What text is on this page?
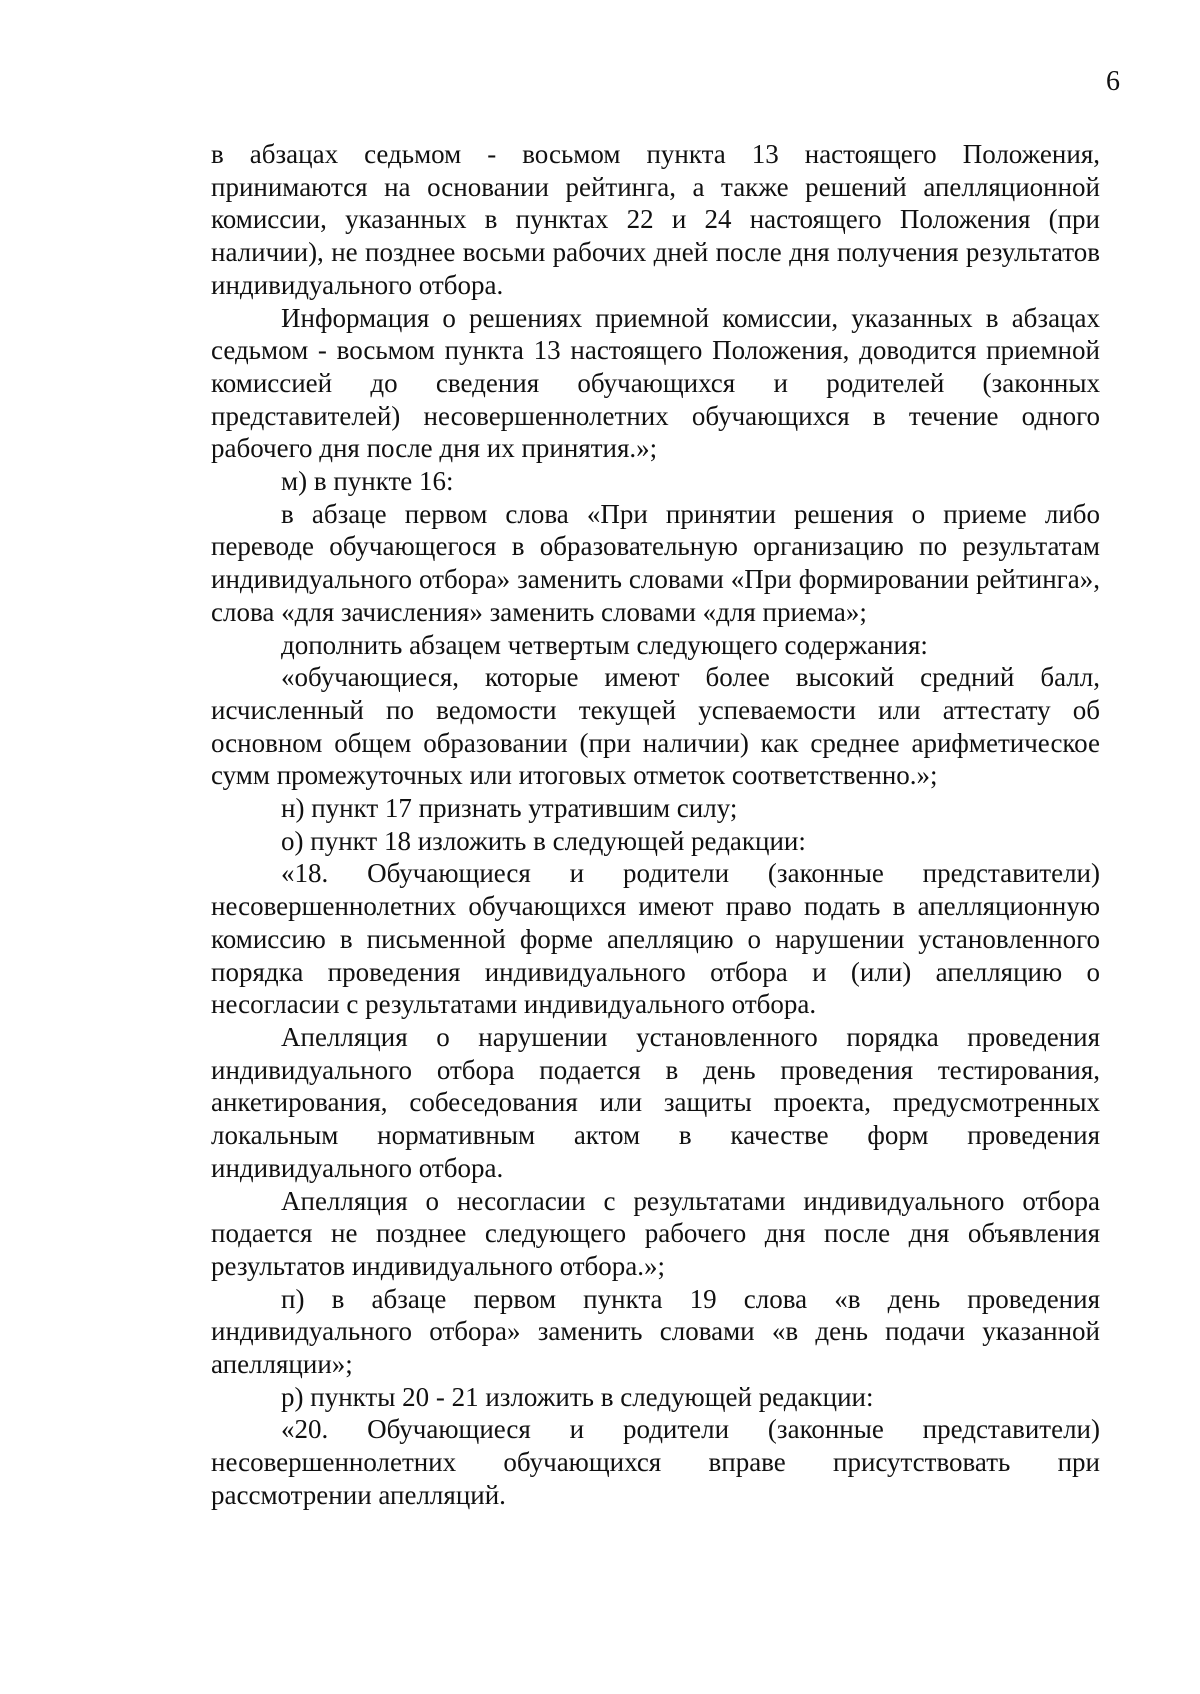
6

в абзацах седьмом - восьмом пункта 13 настоящего Положения, принимаются на основании рейтинга, а также решений апелляционной комиссии, указанных в пунктах 22 и 24 настоящего Положения (при наличии), не позднее восьми рабочих дней после дня получения результатов индивидуального отбора.

Информация о решениях приемной комиссии, указанных в абзацах седьмом - восьмом пункта 13 настоящего Положения, доводится приемной комиссией до сведения обучающихся и родителей (законных представителей) несовершеннолетних обучающихся в течение одного рабочего дня после дня их принятия.»;

м) в пункте 16:

в абзаце первом слова «При принятии решения о приеме либо переводе обучающегося в образовательную организацию по результатам индивидуального отбора» заменить словами «При формировании рейтинга», слова «для зачисления» заменить словами «для приема»;

дополнить абзацем четвертым следующего содержания:

«обучающиеся, которые имеют более высокий средний балл, исчисленный по ведомости текущей успеваемости или аттестату об основном общем образовании (при наличии) как среднее арифметическое сумм промежуточных или итоговых отметок соответственно.»;

н) пункт 17 признать утратившим силу;

о) пункт 18 изложить в следующей редакции:

«18. Обучающиеся и родители (законные представители) несовершеннолетних обучающихся имеют право подать в апелляционную комиссию в письменной форме апелляцию о нарушении установленного порядка проведения индивидуального отбора и (или) апелляцию о несогласии с результатами индивидуального отбора.

Апелляция о нарушении установленного порядка проведения индивидуального отбора подается в день проведения тестирования, анкетирования, собеседования или защиты проекта, предусмотренных локальным нормативным актом в качестве форм проведения индивидуального отбора.

Апелляция о несогласии с результатами индивидуального отбора подается не позднее следующего рабочего дня после дня объявления результатов индивидуального отбора.»;

п) в абзаце первом пункта 19 слова «в день проведения индивидуального отбора» заменить словами «в день подачи указанной апелляции»;

р) пункты 20 - 21 изложить в следующей редакции:

«20. Обучающиеся и родители (законные представители) несовершеннолетних обучающихся вправе присутствовать при рассмотрении апелляций.
